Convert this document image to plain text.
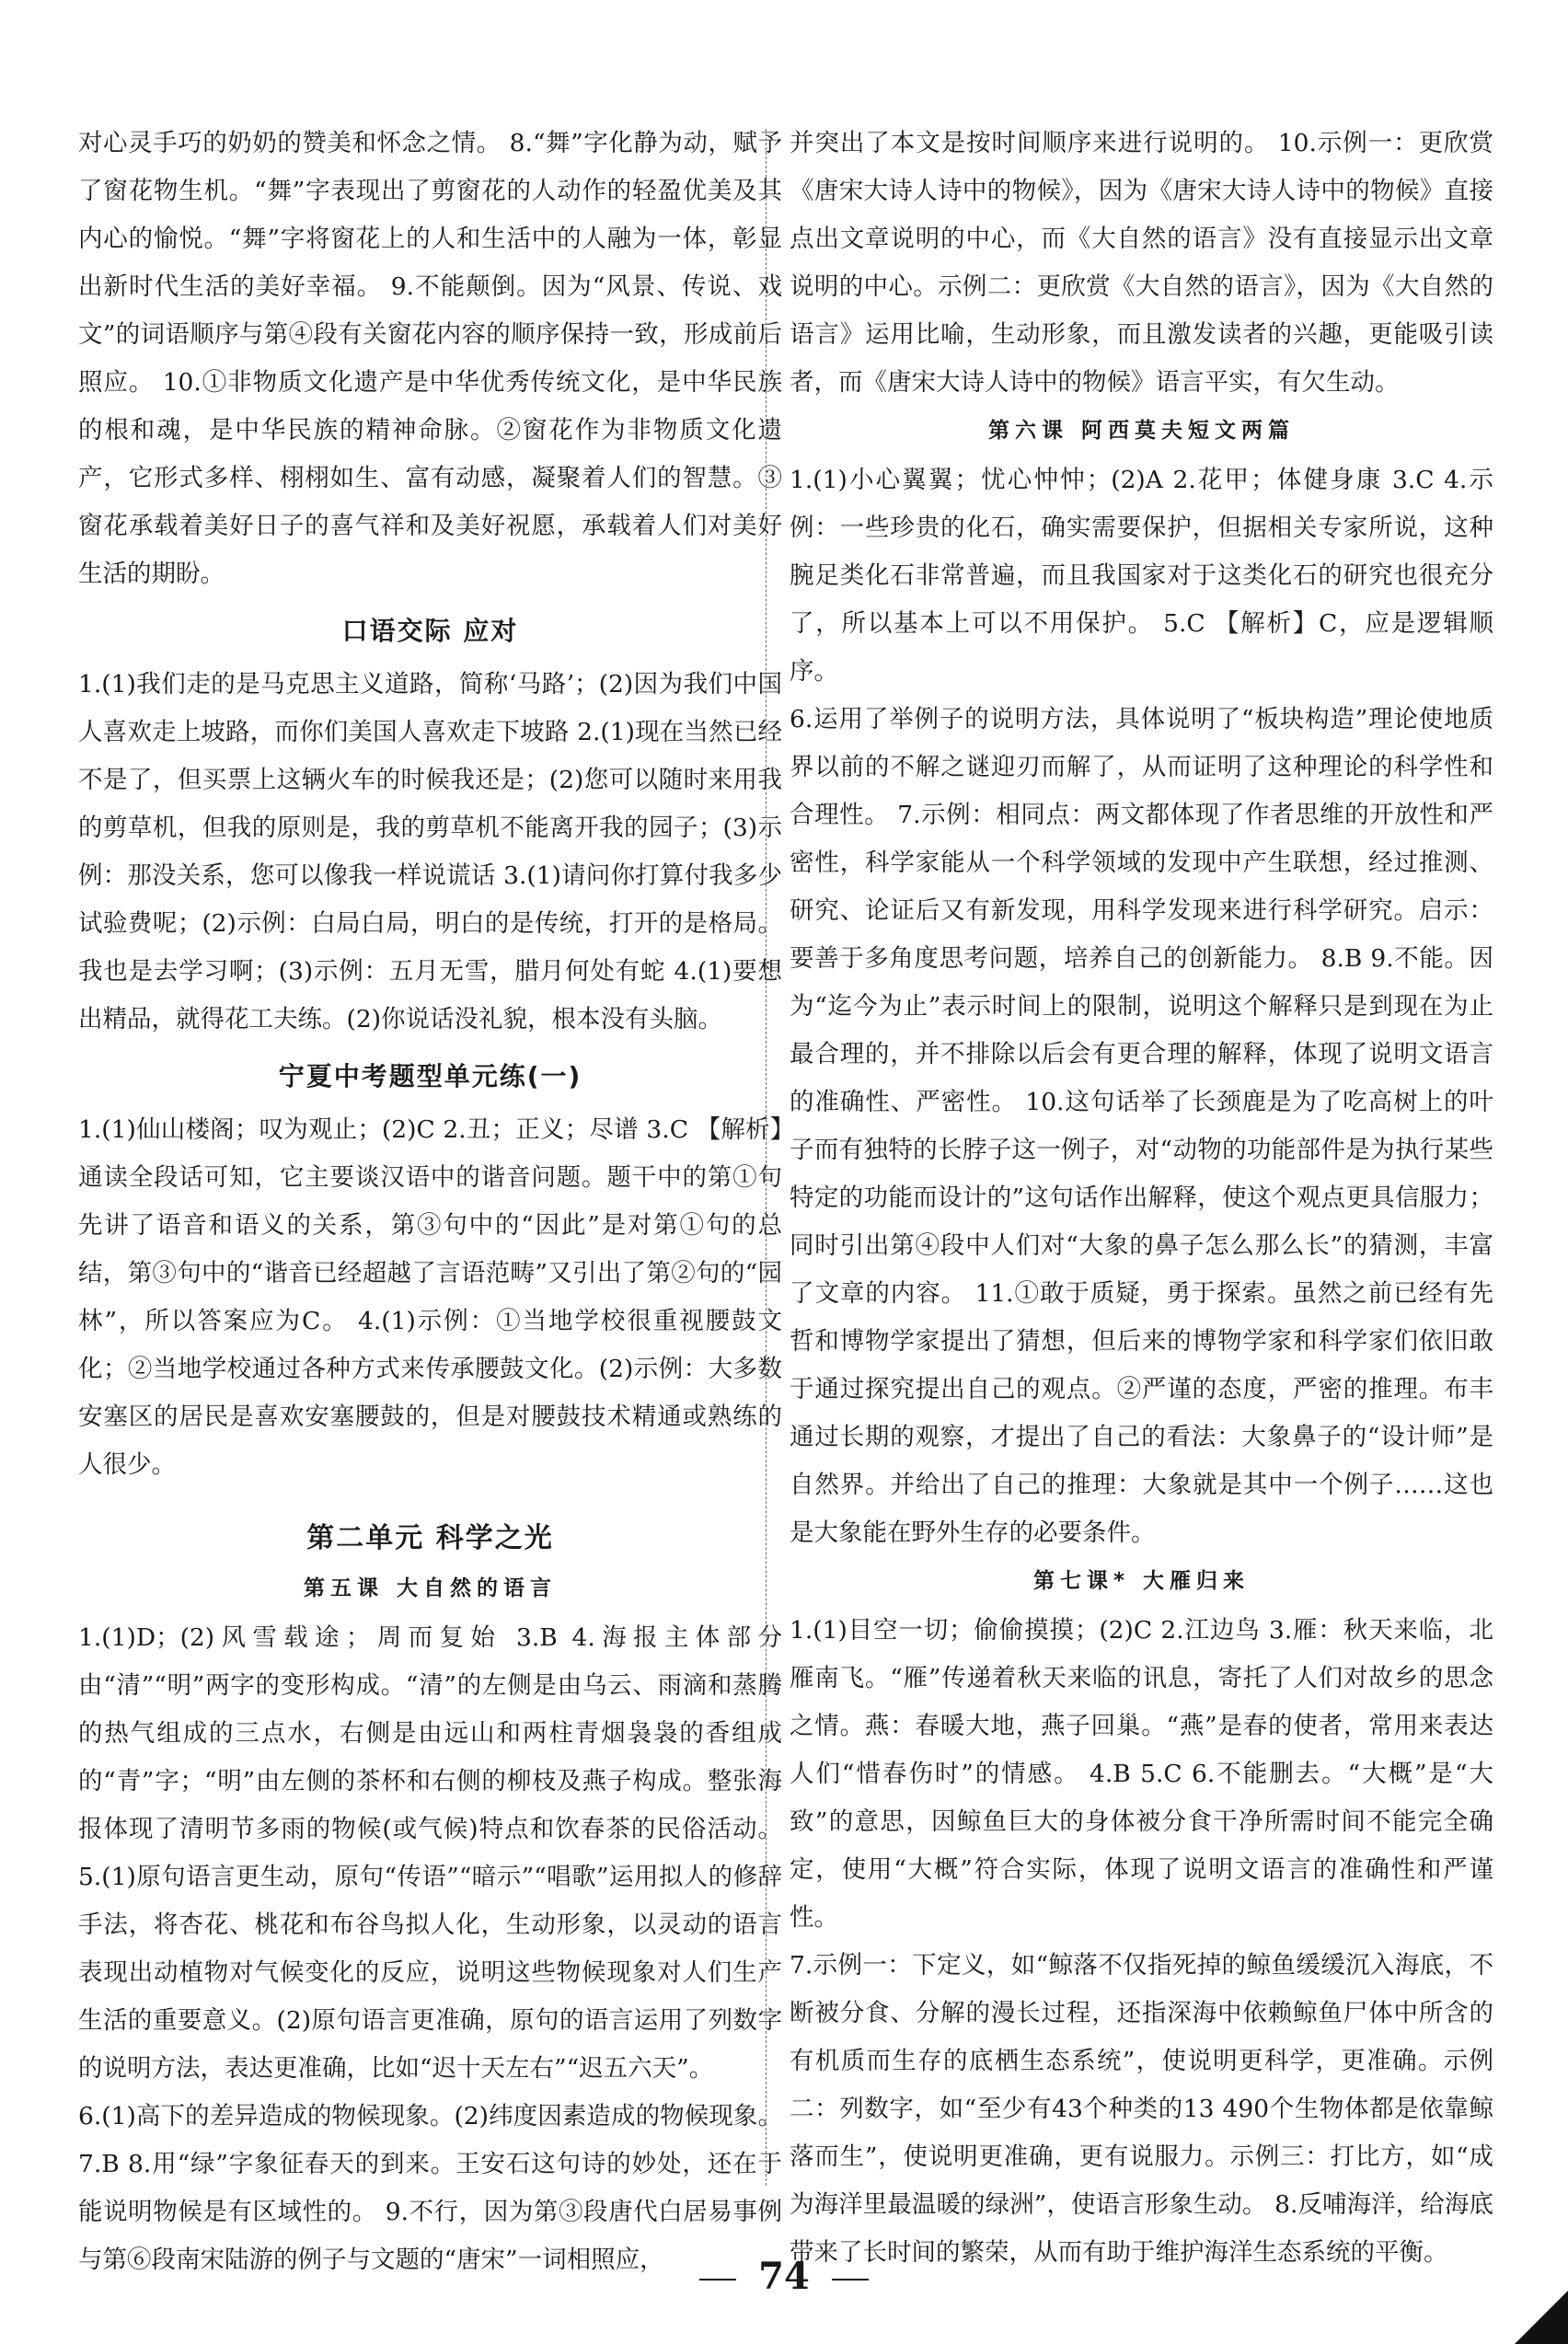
对心灵手巧的奶奶的赞美和怀念之情。 8.“舞”字化静为动，赋予了窗花物生机。“舞”字表现出了剪窗花的人动作的轻盈优美及其内心的愉悦。“舞”字将窗花上的人和生活中的人融为一体，彰显出新时代生活的美好幸福。 9.不能颠倒。因为“风景、传说、戏文”的词语顺序与第④段有关窗花内容的顺序保持一致，形成前后照应。 10.①非物质文化遗产是中华优秀传统文化，是中华民族的根和魂，是中华民族的精神命脉。②窗花作为非物质文化遗产，它形式多样、栩栩如生、富有动感，凝聚着人们的智慧。③窗花承载着美好日子的喜气祥和及美好祝愿，承载着人们对美好生活的期盼。

口语交际 应对

1.(1)我们走的是马克思主义道路，简称‘马路’；(2)因为我们中国人喜欢走上坡路，而你们美国人喜欢走下坡路 2.(1)现在当然已经不是了，但买票上这辆火车的时候我还是；(2)您可以随时来用我的剪草机，但我的原则是，我的剪草机不能离开我的园子；(3)示例：那没关系，您可以像我一样说谎话 3.(1)请问你打算付我多少试验费呢；(2)示例：白局白局，明白的是传统，打开的是格局。我也是去学习啊；(3)示例：五月无雪，腊月何处有蛇 4.(1)要想出精品，就得花工夫练。(2)你说话没礼貌，根本没有头脑。

宁夏中考题型单元练(一)

1.(1)仙山楼阁；叹为观止；(2)C 2.丑；正义；尽谱 3.C 【解析】通读全段话可知，它主要谈汉语中的谐音问题。题干中的第①句先讲了语音和语义的关系，第③句中的“因此”是对第①句的总结，第③句中的“谐音已经超越了言语范畴”又引出了第②句的“园林”，所以答案应为C。 4.(1)示例：①当地学校很重视腰鼓文化；②当地学校通过各种方式来传承腰鼓文化。(2)示例：大多数安塞区的居民是喜欢安塞腰鼓的，但是对腰鼓技术精通或熟练的人很少。

第二单元 科学之光
第五课 大自然的语言

1.(1)D；(2)风雪载途；周而复始 3.B 4.海报主体部分由“清”“明”两字的变形构成。“清”的左侧是由乌云、雨滴和蒸腾的热气组成的三点水，右侧是由远山和两柱青烟袅袅的香组成的“青”字；“明”由左侧的茶杯和右侧的柳枝及燕子构成。整张海报体现了清明节多雨的物候(或气候)特点和饮春茶的民俗活动。 5.(1)原句语言更生动，原句“传语”“暗示”“唱歌”运用拟人的修辞手法，将杏花、桃花和布谷鸟拟人化，生动形象，以灵动的语言表现出动植物对气候变化的反应，说明这些物候现象对人们生产生活的重要意义。(2)原句语言更准确，原句的语言运用了列数字的说明方法，表达更准确，比如“迟十天左右”“迟五六天”。

6.(1)高下的差异造成的物候现象。(2)纬度因素造成的物候现象。 7.B 8.用“绿”字象征春天的到来。王安石这句诗的妙处，还在于能说明物候是有区域性的。 9.不行，因为第③段唐代白居易事例与第⑥段南宋陆游的例子与文题的“唐宋”一词相照应，

并突出了本文是按时间顺序来进行说明的。 10.示例一：更欣赏《唐宋大诗人诗中的物候》，因为《唐宋大诗人诗中的物候》直接点出文章说明的中心，而《大自然的语言》没有直接显示出文章说明的中心。示例二：更欣赏《大自然的语言》，因为《大自然的语言》运用比喻，生动形象，而且激发读者的兴趣，更能吸引读者，而《唐宋大诗人诗中的物候》语言平实，有欠生动。

第六课 阿西莫夫短文两篇

1.(1)小心翼翼；忧心忡忡；(2)A 2.花甲；体健身康 3.C 4.示例：一些珍贵的化石，确实需要保护，但据相关专家所说，这种腕足类化石非常普遍，而且我国家对于这类化石的研究也很充分了，所以基本上可以不用保护。 5.C 【解析】C，应是逻辑顺序。

6.运用了举例子的说明方法，具体说明了“板块构造”理论使地质界以前的不解之谜迎刃而解了，从而证明了这种理论的科学性和合理性。 7.示例：相同点：两文都体现了作者思维的开放性和严密性，科学家能从一个科学领域的发现中产生联想，经过推测、研究、论证后又有新发现，用科学发现来进行科学研究。启示：要善于多角度思考问题，培养自己的创新能力。 8.B 9.不能。因为“迄今为止”表示时间上的限制，说明这个解释只是到现在为止最合理的，并不排除以后会有更合理的解释，体现了说明文语言的准确性、严密性。 10.这句话举了长颈鹿是为了吃高树上的叶子而有独特的长脖子这一例子，对“动物的功能部件是为执行某些特定的功能而设计的”这句话作出解释，使这个观点更具信服力；同时引出第④段中人们对“大象的鼻子怎么那么长”的猜测，丰富了文章的内容。 11.①敢于质疑，勇于探索。虽然之前已经有先哲和博物学家提出了猜想，但后来的博物学家和科学家们依旧敢于通过探究提出自己的观点。②严谨的态度，严密的推理。布丰通过长期的观察，才提出了自己的看法：大象鼻子的“设计师”是自然界。并给出了自己的推理：大象就是其中一个例子……这也是大象能在野外生存的必要条件。

第七课* 大雁归来

1.(1)目空一切；偷偷摸摸；(2)C 2.江边鸟 3.雁：秋天来临，北雁南飞。“雁”传递着秋天来临的讯息，寄托了人们对故乡的思念之情。燕：春暖大地，燕子回巢。“燕”是春的使者，常用来表达人们“惜春伤时”的情感。 4.B 5.C 6.不能删去。“大概”是“大致”的意思，因鲸鱼巨大的身体被分食干净所需时间不能完全确定，使用“大概”符合实际，体现了说明文语言的准确性和严谨性。

7.示例一：下定义，如“鲸落不仅指死掉的鲸鱼缓缓沉入海底，不断被分食、分解的漫长过程，还指深海中依赖鲸鱼尸体中所含的有机质而生存的底栖生态系统”，使说明更科学，更准确。示例二：列数字，如“至少有43个种类的13 490个生物体都是依靠鲸落而生”，使说明更准确，更有说服力。示例三：打比方，如“成为海洋里最温暖的绿洲”，使语言形象生动。 8.反哺海洋，给海底带来了长时间的繁荣，从而有助于维护海洋生态系统的平衡。

74
